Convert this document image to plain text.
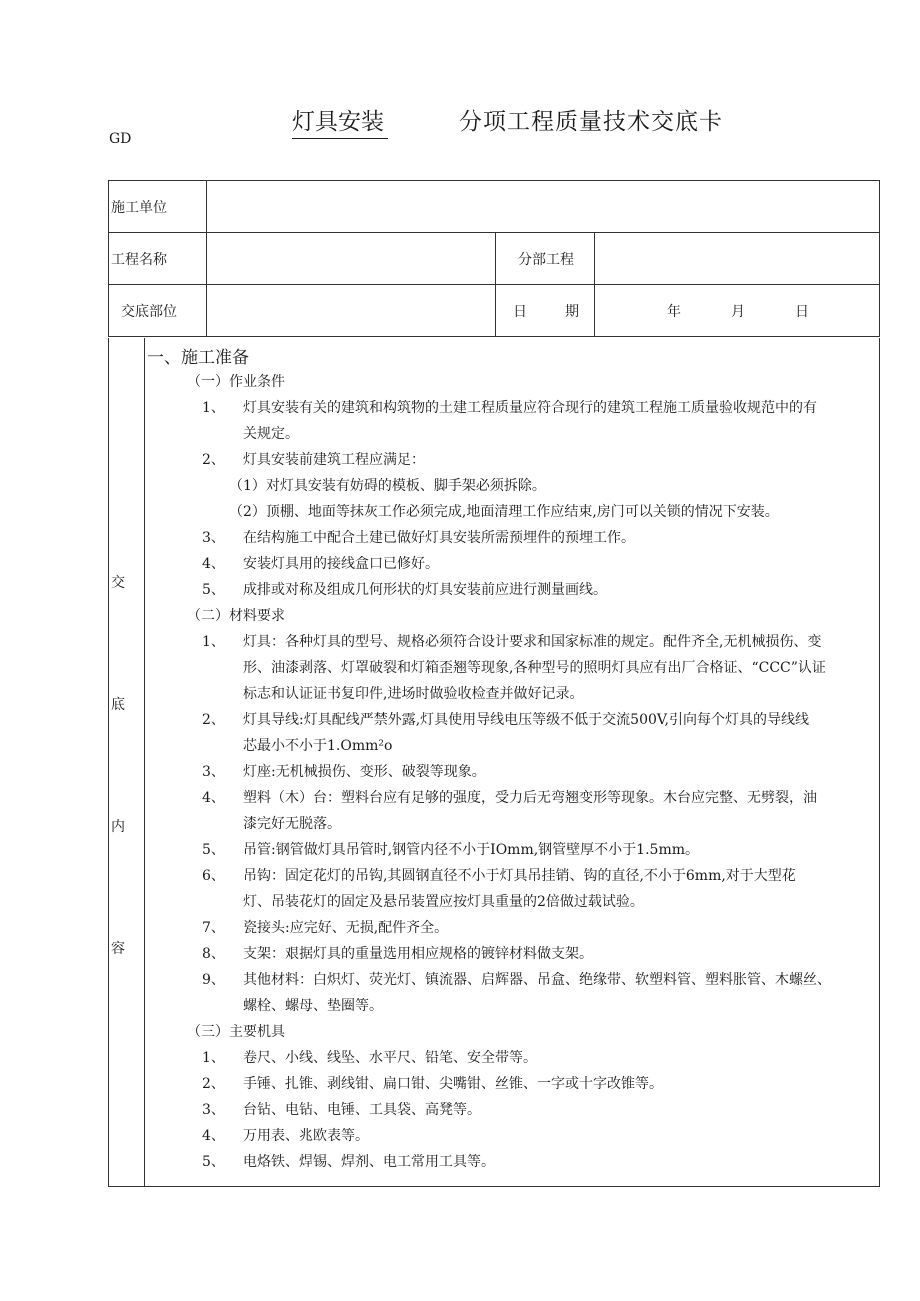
灯具安装	分项工程质量技术交底卡
GD
施工单位			
工程名称		分部工程	
交底部位		日 期	年 月 日
交
底
内
容
一、施工准备
（一）作业条件
1、 灯具安装有关的建筑和构筑物的土建工程质量应符合现行的建筑工程施工质量验收规范中的有
关规定。
2、 灯具安装前建筑工程应满足：
（1）对灯具安装有妨碍的模板、脚手架必须拆除。
（2）顶棚、地面等抹灰工作必须完成,地面清理工作应结束,房门可以关锁的情况下安装。
3、 在结构施工中配合土建已做好灯具安装所需预埋件的预埋工作。
4、 安装灯具用的接线盒口已修好。
5、 成排或对称及组成几何形状的灯具安装前应进行测量画线。
（二）材料要求
1、 灯具：各种灯具的型号、规格必须符合设计要求和国家标准的规定。配件齐全,无机械损伤、变
形、油漆剥落、灯罩破裂和灯箱歪翘等现象,各种型号的照明灯具应有出厂合格证、“CCC”认证
标志和认证证书复印件,进场时做验收检查并做好记录。
2、 灯具导线:灯具配线严禁外露,灯具使用导线电压等级不低于交流500V,引向每个灯具的导线线
芯最小不小于1.Omm²o
3、 灯座:无机械损伤、变形、破裂等现象。
4、 塑料（木）台：塑料台应有足够的强度，受力后无弯翘变形等现象。木台应完整、无劈裂，油
漆完好无脱落。
5、 吊管:钢管做灯具吊管时,钢管内径不小于IOmm,钢管壁厚不小于1.5mm。
6、 吊钩：固定花灯的吊钩,其圆钢直径不小于灯具吊挂销、钩的直径,不小于6mm,对于大型花
灯、吊装花灯的固定及悬吊装置应按灯具重量的2倍做过载试验。
7、 瓷接头:应完好、无损,配件齐全。
8、 支架：艰据灯具的重量选用相应规格的镀锌材料做支架。
9、 其他材料：白炽灯、荧光灯、镇流器、启辉器、吊盒、绝缘带、软塑料管、塑料胀管、木螺丝、
螺栓、螺母、垫圈等。
（三）主要机具
1、 卷尺、小线、线坠、水平尺、铅笔、安全带等。
2、 手锤、扎锥、剥线钳、扁口钳、尖嘴钳、丝锥、一字或十字改锥等。
3、 台钻、电钻、电锤、工具袋、高凳等。
4、 万用表、兆欧表等。
5、 电烙铁、焊锡、焊剂、电工常用工具等。
